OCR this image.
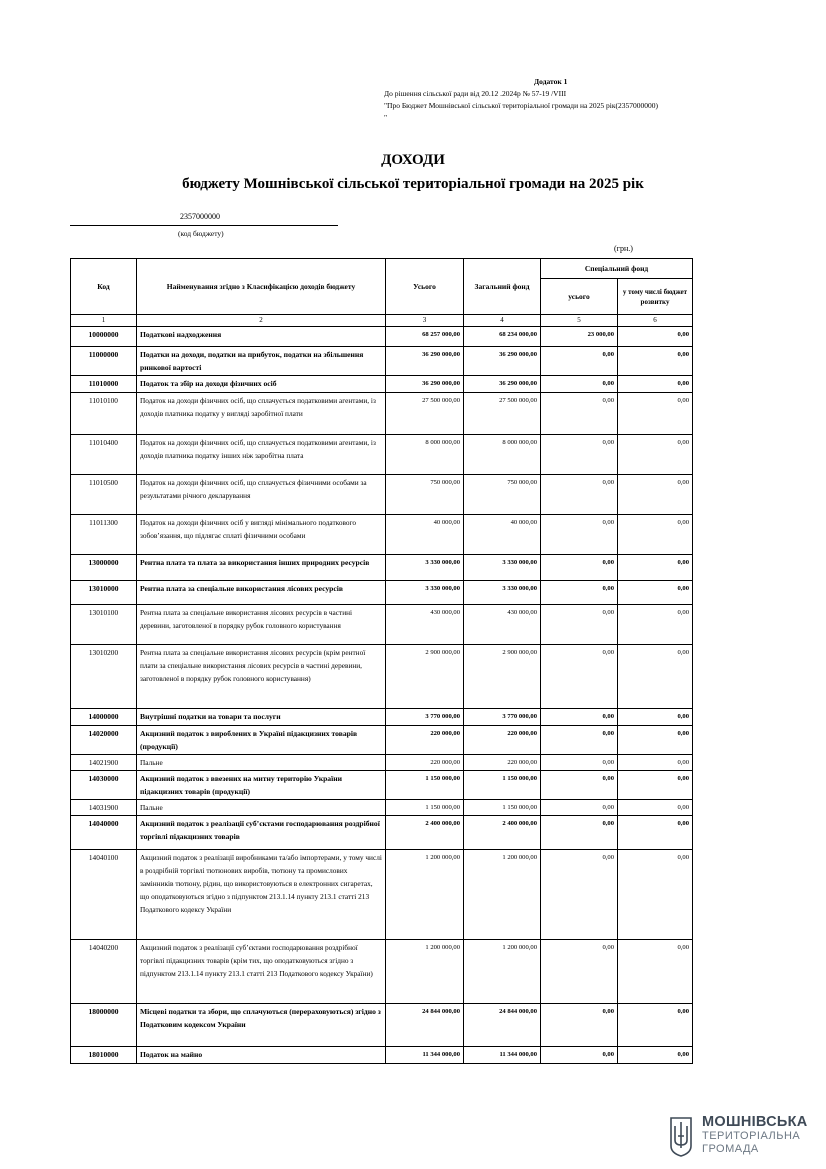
Додаток 1
До рішення сільської ради від 20.12 .2024р № 57-19 /VIII
"Про Бюджет Мошнівської сільської територіальної громади на 2025 рік(2357000000)
"
ДОХОДИ
бюджету Мошнівської сільської територіальної громади на 2025 рік
2357000000
(код бюджету)
(грн.)
Код	Найменування згідно з Класифікацією доходів бюджету	Усього	Загальний фонд	Спеціальний фонд	
				усього	у тому числі бюджет розвитку
1	2	3	4	5	6
10000000	Податкові надходження	68 257 000,00	68 234 000,00	23 000,00	0,00
11000000	Податки на доходи, податки на прибуток, податки на збільшення ринкової вартості	36 290 000,00	36 290 000,00	0,00	0,00
11010000	Податок та збір на доходи фізичних осіб	36 290 000,00	36 290 000,00	0,00	0,00
11010100	Податок на доходи фізичних осіб, що сплачується податковими агентами, із доходів платника податку у вигляді заробітної плати	27 500 000,00	27 500 000,00	0,00	0,00
11010400	Податок на доходи фізичних осіб, що сплачується податковими агентами, із доходів платника податку інших ніж заробітна плата	8 000 000,00	8 000 000,00	0,00	0,00
11010500	Податок на доходи фізичних осіб, що сплачується фізичними особами за результатами річного декларування	750 000,00	750 000,00	0,00	0,00
11011300	Податок на доходи фізичних осіб у вигляді мінімального податкового зобов’язання, що підлягає сплаті фізичними особами	40 000,00	40 000,00	0,00	0,00
13000000	Рентна плата та плата за використання інших природних ресурсів	3 330 000,00	3 330 000,00	0,00	0,00
13010000	Рентна плата за спеціальне використання лісових ресурсів	3 330 000,00	3 330 000,00	0,00	0,00
13010100	Рентна плата за спеціальне використання лісових ресурсів в частині деревини, заготовленої в порядку рубок головного користування	430 000,00	430 000,00	0,00	0,00
13010200	Рентна плата за спеціальне використання лісових ресурсів (крім рентної плати за спеціальне використання лісових ресурсів в частині деревини, заготовленої в порядку рубок головного користування)	2 900 000,00	2 900 000,00	0,00	0,00
14000000	Внутрішні податки на товари та послуги	3 770 000,00	3 770 000,00	0,00	0,00
14020000	Акцизний податок з вироблених в Україні підакцизних товарів (продукції)	220 000,00	220 000,00	0,00	0,00
14021900	Пальне	220 000,00	220 000,00	0,00	0,00
14030000	Акцизний податок з ввезених на митну територію України підакцизних товарів (продукції)	1 150 000,00	1 150 000,00	0,00	0,00
14031900	Пальне	1 150 000,00	1 150 000,00	0,00	0,00
14040000	Акцизний податок з реалізації суб’єктами господарювання роздрібної торгівлі підакцизних товарів	2 400 000,00	2 400 000,00	0,00	0,00
14040100	Акцизний податок з реалізації виробниками та/або імпортерами, у тому числі в роздрібній торгівлі тютюнових виробів, тютюну та промислових замінників тютюну, рідин, що використовуються в електронних сигаретах, що оподатковуються згідно з підпунктом 213.1.14 пункту 213.1 статті 213 Податкового кодексу України	1 200 000,00	1 200 000,00	0,00	0,00
14040200	Акцизний податок з реалізації суб’єктами господарювання роздрібної торгівлі підакцизних товарів (крім тих, що оподатковуються згідно з підпунктом 213.1.14 пункту 213.1 статті 213 Податкового кодексу України)	1 200 000,00	1 200 000,00	0,00	0,00
18000000	Місцеві податки та збори, що сплачуються (перераховуються) згідно з Податковим кодексом України	24 844 000,00	24 844 000,00	0,00	0,00
18010000	Податок на майно	11 344 000,00	11 344 000,00	0,00	0,00
МОШНІВСЬКА
ТЕРИТОРІАЛЬНА
ГРОМАДА
